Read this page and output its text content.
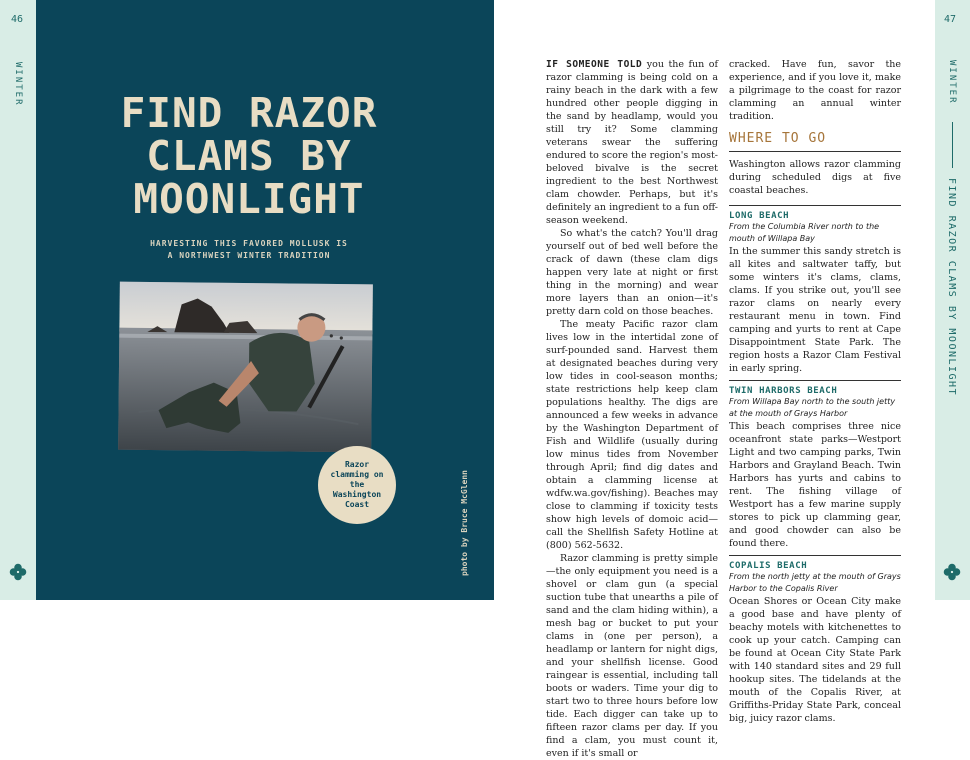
46
WINTER
FIND RAZOR
CLAMS BY
MOONLIGHT
HARVESTING THIS FAVORED MOLLUSK IS
A NORTHWEST WINTER TRADITION
Razor clamming on the Washington Coast	photo by Bruce McGlenn

IF SOMEONE TOLD you the fun of razor clamming is being cold on a rainy beach in the dark with a few hundred other people digging in the sand by headlamp, would you still try it? Some clamming veterans swear the suffering endured to score the region's most-beloved bivalve is the secret ingredient to the best Northwest clam chowder. Perhaps, but it's definitely an ingredient to a fun off-season weekend.

So what's the catch? You'll drag yourself out of bed well before the crack of dawn (these clam digs happen very late at night or first thing in the morning) and wear more layers than an onion—it's pretty darn cold on those beaches.

The meaty Pacific razor clam lives low in the intertidal zone of surf-pounded sand. Harvest them at designated beaches during very low tides in cool-season months; state restrictions help keep clam populations healthy. The digs are announced a few weeks in advance by the Washington Department of Fish and Wildlife (usually during low minus tides from November through April; find dig dates and obtain a clamming license at wdfw.wa.gov/fishing). Beaches may close to clamming if toxicity tests show high levels of domoic acid—call the Shellfish Safety Hotline at (800) 562-5632.

Razor clamming is pretty simple—the only equipment you need is a shovel or clam gun (a special suction tube that unearths a pile of sand and the clam hiding within), a mesh bag or bucket to put your clams in (one per person), a headlamp or lantern for night digs, and your shellfish license. Good raingear is essential, including tall boots or waders. Time your dig to start two to three hours before low tide. Each digger can take up to fifteen razor clams per day. If you find a clam, you must count it, even if it's small or

cracked. Have fun, savor the experience, and if you love it, make a pilgrimage to the coast for razor clamming an annual winter tradition.

WHERE TO GO

Washington allows razor clamming during scheduled digs at five coastal beaches.

LONG BEACH
From the Columbia River north to the mouth of Willapa Bay

In the summer this sandy stretch is all kites and saltwater taffy, but some winters it's clams, clams, clams. If you strike out, you'll see razor clams on nearly every restaurant menu in town. Find camping and yurts to rent at Cape Disappointment State Park. The region hosts a Razor Clam Festival in early spring.

TWIN HARBORS BEACH
From Willapa Bay north to the south jetty at the mouth of Grays Harbor

This beach comprises three nice oceanfront state parks—Westport Light and two camping parks, Twin Harbors and Grayland Beach. Twin Harbors has yurts and cabins to rent. The fishing village of Westport has a few marine supply stores to pick up clamming gear, and good chowder can also be found there.

COPALIS BEACH
From the north jetty at the mouth of Grays Harbor to the Copalis River

Ocean Shores or Ocean City make a good base and have plenty of beachy motels with kitchenettes to cook up your catch. Camping can be found at Ocean City State Park with 140 standard sites and 29 full hookup sites. The tidelands at the mouth of the Copalis River, at Griffiths-Priday State Park, conceal big, juicy razor clams.

47
WINTER
FIND RAZOR CLAMS BY MOONLIGHT
